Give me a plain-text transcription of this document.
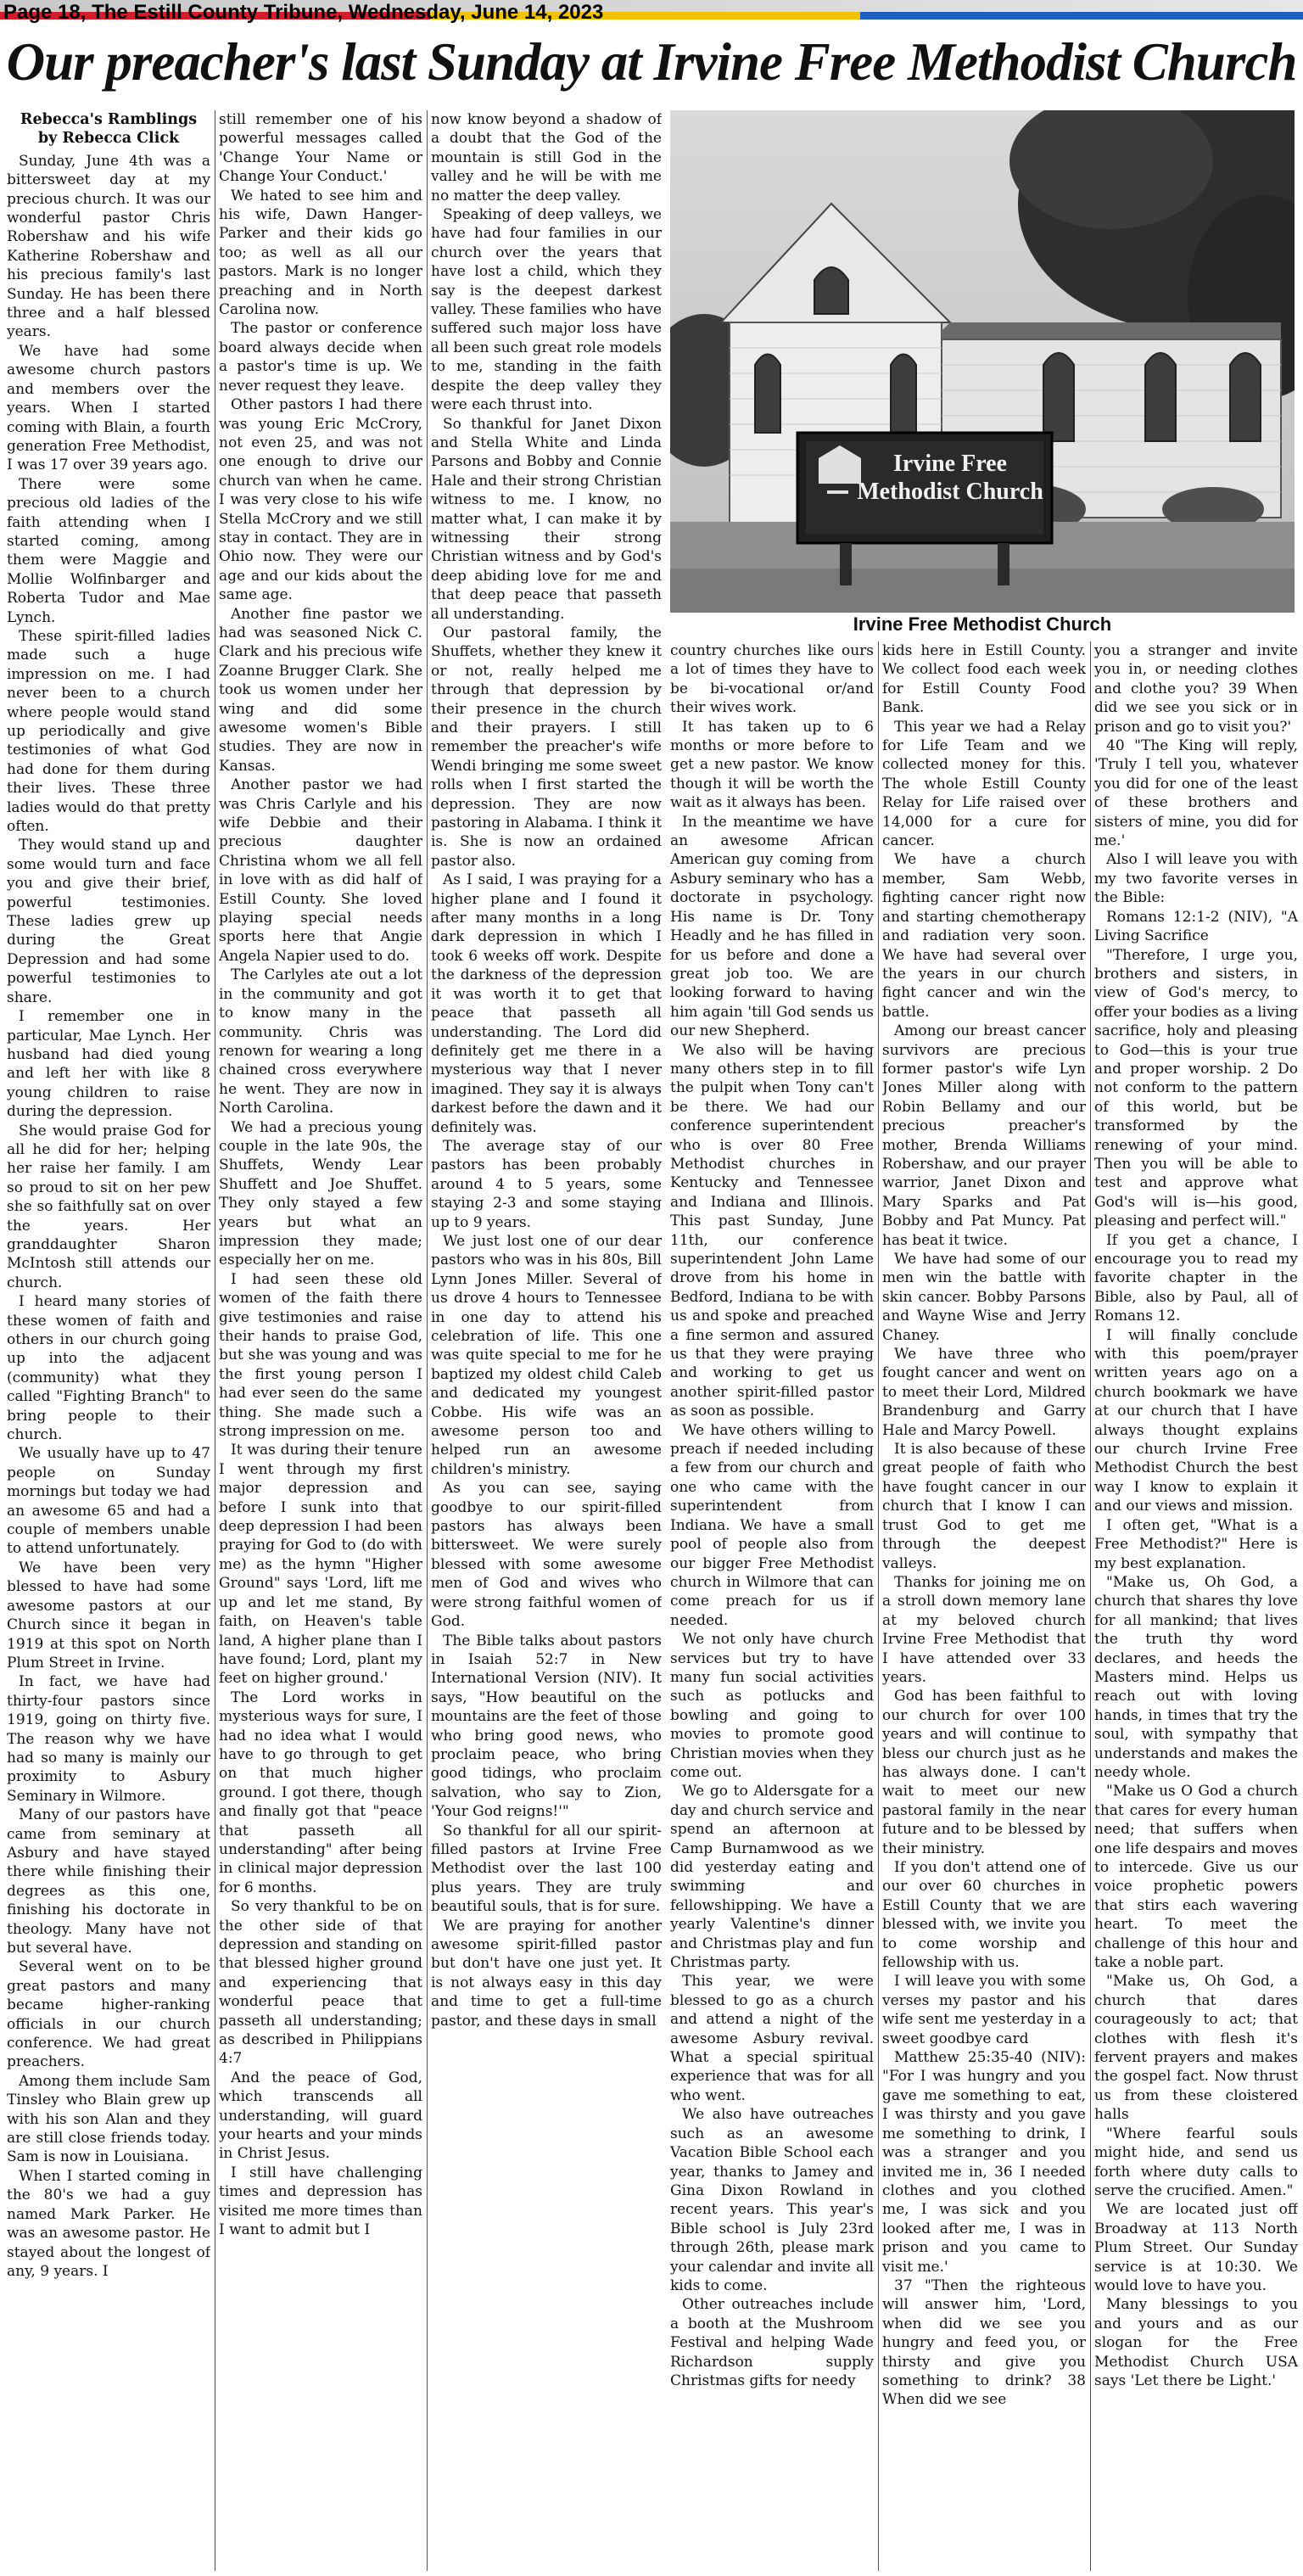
Page 18, The Estill County Tribune, Wednesday, June 14, 2023
Our preacher's last Sunday at Irvine Free Methodist Church

Rebecca's Ramblings

by Rebecca Click

Sunday, June 4th was a bittersweet day at my precious church. It was our wonderful pastor Chris Robershaw and his wife Katherine Robershaw and his precious family's last Sunday. He has been there three and a half blessed years.

We have had some awesome church pastors and members over the years. When I started coming with Blain, a fourth generation Free Methodist, I was 17 over 39 years ago.

There were some precious old ladies of the faith attending when I started coming, among them were Maggie and Mollie Wolfinbarger and Roberta Tudor and Mae Lynch.

These spirit-filled ladies made such a huge impression on me. I had never been to a church where people would stand up periodically and give testimonies of what God had done for them during their lives. These three ladies would do that pretty often.

They would stand up and some would turn and face you and give their brief, powerful testimonies. These ladies grew up during the Great Depression and had some powerful testimonies to share.

I remember one in particular, Mae Lynch. Her husband had died young and left her with like 8 young children to raise during the depression.

She would praise God for all he did for her; helping her raise her family. I am so proud to sit on her pew she so faithfully sat on over the years. Her granddaughter Sharon McIntosh still attends our church.

I heard many stories of these women of faith and others in our church going up into the adjacent (community) what they called "Fighting Branch" to bring people to their church.

We usually have up to 47 people on Sunday mornings but today we had an awesome 65 and had a couple of members unable to attend unfortunately.

We have been very blessed to have had some awesome pastors at our Church since it began in 1919 at this spot on North Plum Street in Irvine.

In fact, we have had thirty-four pastors since 1919, going on thirty five. The reason why we have had so many is mainly our proximity to Asbury Seminary in Wilmore.

Many of our pastors have came from seminary at Asbury and have stayed there while finishing their degrees as this one, finishing his doctorate in theology. Many have not but several have.

Several went on to be great pastors and many became higher-ranking officials in our church conference. We had great preachers.

Among them include Sam Tinsley who Blain grew up with his son Alan and they are still close friends today. Sam is now in Louisiana.

When I started coming in the 80's we had a guy named Mark Parker. He was an awesome pastor. He stayed about the longest of any, 9 years. I

still remember one of his powerful messages called 'Change Your Name or Change Your Conduct.'

We hated to see him and his wife, Dawn Hanger-Parker and their kids go too; as well as all our pastors. Mark is no longer preaching and in North Carolina now.

The pastor or conference board always decide when a pastor's time is up. We never request they leave.

Other pastors I had there was young Eric McCrory, not even 25, and was not one enough to drive our church van when he came. I was very close to his wife Stella McCrory and we still stay in contact. They are in Ohio now. They were our age and our kids about the same age.

Another fine pastor we had was seasoned Nick C. Clark and his precious wife Zoanne Brugger Clark. She took us women under her wing and did some awesome women's Bible studies. They are now in Kansas.

Another pastor we had was Chris Carlyle and his wife Debbie and their precious daughter Christina whom we all fell in love with as did half of Estill County. She loved playing special needs sports here that Angie Angela Napier used to do.

The Carlyles ate out a lot in the community and got to know many in the community. Chris was renown for wearing a long chained cross everywhere he went. They are now in North Carolina.

We had a precious young couple in the late 90s, the Shuffets, Wendy Lear Shuffett and Joe Shuffet. They only stayed a few years but what an impression they made; especially her on me.

I had seen these old women of the faith there give testimonies and raise their hands to praise God, but she was young and was the first young person I had ever seen do the same thing. She made such a strong impression on me.

It was during their tenure I went through my first major depression and before I sunk into that deep depression I had been praying for God to (do with me) as the hymn "Higher Ground" says 'Lord, lift me up and let me stand, By faith, on Heaven's table land, A higher plane than I have found; Lord, plant my feet on higher ground.'

The Lord works in mysterious ways for sure, I had no idea what I would have to go through to get on that much higher ground. I got there, though and finally got that "peace that passeth all understanding" after being in clinical major depression for 6 months.

So very thankful to be on the other side of that depression and standing on that blessed higher ground and experiencing that wonderful peace that passeth all understanding; as described in Philippians 4:7

And the peace of God, which transcends all understanding, will guard your hearts and your minds in Christ Jesus.

I still have challenging times and depression has visited me more times than I want to admit but I

now know beyond a shadow of a doubt that the God of the mountain is still God in the valley and he will be with me no matter the deep valley.

Speaking of deep valleys, we have had four families in our church over the years that have lost a child, which they say is the deepest darkest valley. These families who have suffered such major loss have all been such great role models to me, standing in the faith despite the deep valley they were each thrust into.

So thankful for Janet Dixon and Stella White and Linda Parsons and Bobby and Connie Hale and their strong Christian witness to me. I know, no matter what, I can make it by witnessing their strong Christian witness and by God's deep abiding love for me and that deep peace that passeth all understanding.

Our pastoral family, the Shuffets, whether they knew it or not, really helped me through that depression by their presence in the church and their prayers. I still remember the preacher's wife Wendi bringing me some sweet rolls when I first started the depression. They are now pastoring in Alabama. I think it is. She is now an ordained pastor also.

As I said, I was praying for a higher plane and I found it after many months in a long dark depression in which I took 6 weeks off work. Despite the darkness of the depression it was worth it to get that peace that passeth all understanding. The Lord did definitely get me there in a mysterious way that I never imagined. They say it is always darkest before the dawn and it definitely was.

The average stay of our pastors has been probably around 4 to 5 years, some staying 2-3 and some staying up to 9 years.

We just lost one of our dear pastors who was in his 80s, Bill Lynn Jones Miller. Several of us drove 4 hours to Tennessee in one day to attend his celebration of life. This one was quite special to me for he baptized my oldest child Caleb and dedicated my youngest Cobbe. His wife was an awesome person too and helped run an awesome children's ministry.

As you can see, saying goodbye to our spirit-filled pastors has always been bittersweet. We were surely blessed with some awesome men of God and wives who were strong faithful women of God.

The Bible talks about pastors in Isaiah 52:7 in New International Version (NIV). It says, "How beautiful on the mountains are the feet of those who bring good news, who proclaim peace, who bring good tidings, who proclaim salvation, who say to Zion, 'Your God reigns!'"

So thankful for all our spirit-filled pastors at Irvine Free Methodist over the last 100 plus years. They are truly beautiful souls, that is for sure.

We are praying for another awesome spirit-filled pastor but don't have one just yet. It is not always easy in this day and time to get a full-time pastor, and these days in small

Irvine Free
Methodist Church
Irvine Free Methodist Church

country churches like ours a lot of times they have to be bi-vocational or/and their wives work.

It has taken up to 6 months or more before to get a new pastor. We know though it will be worth the wait as it always has been.

In the meantime we have an awesome African American guy coming from Asbury seminary who has a doctorate in psychology. His name is Dr. Tony Headly and he has filled in for us before and done a great job too. We are looking forward to having him again 'till God sends us our new Shepherd.

We also will be having many others step in to fill the pulpit when Tony can't be there. We had our conference superintendent who is over 80 Free Methodist churches in Kentucky and Tennessee and Indiana and Illinois. This past Sunday, June 11th, our conference superintendent John Lame drove from his home in Bedford, Indiana to be with us and spoke and preached a fine sermon and assured us that they were praying and working to get us another spirit-filled pastor as soon as possible.

We have others willing to preach if needed including a few from our church and one who came with the superintendent from Indiana. We have a small pool of people also from our bigger Free Methodist church in Wilmore that can come preach for us if needed.

We not only have church services but try to have many fun social activities such as potlucks and bowling and going to movies to promote good Christian movies when they come out.

We go to Aldersgate for a day and church service and spend an afternoon at Camp Burnamwood as we did yesterday eating and swimming and fellowshipping. We have a yearly Valentine's dinner and Christmas play and fun Christmas party.

This year, we were blessed to go as a church and attend a night of the awesome Asbury revival. What a special spiritual experience that was for all who went.

We also have outreaches such as an awesome Vacation Bible School each year, thanks to Jamey and Gina Dixon Rowland in recent years. This year's Bible school is July 23rd through 26th, please mark your calendar and invite all kids to come.

Other outreaches include a booth at the Mushroom Festival and helping Wade Richardson supply Christmas gifts for needy

kids here in Estill County. We collect food each week for Estill County Food Bank.

This year we had a Relay for Life Team and we collected money for this. The whole Estill County Relay for Life raised over 14,000 for a cure for cancer.

We have a church member, Sam Webb, fighting cancer right now and starting chemotherapy and radiation very soon. We have had several over the years in our church fight cancer and win the battle.

Among our breast cancer survivors are precious former pastor's wife Lyn Jones Miller along with Robin Bellamy and our precious preacher's mother, Brenda Williams Robershaw, and our prayer warrior, Janet Dixon and Mary Sparks and Pat Bobby and Pat Muncy. Pat has beat it twice.

We have had some of our men win the battle with skin cancer. Bobby Parsons and Wayne Wise and Jerry Chaney.

We have three who fought cancer and went on to meet their Lord, Mildred Brandenburg and Garry Hale and Marcy Powell.

It is also because of these great people of faith who have fought cancer in our church that I know I can trust God to get me through the deepest valleys.

Thanks for joining me on a stroll down memory lane at my beloved church Irvine Free Methodist that I have attended over 33 years.

God has been faithful to our church for over 100 years and will continue to bless our church just as he has always done. I can't wait to meet our new pastoral family in the near future and to be blessed by their ministry.

If you don't attend one of our over 60 churches in Estill County that we are blessed with, we invite you to come worship and fellowship with us.

I will leave you with some verses my pastor and his wife sent me yesterday in a sweet goodbye card

Matthew 25:35-40 (NIV): "For I was hungry and you gave me something to eat, I was thirsty and you gave me something to drink, I was a stranger and you invited me in, 36 I needed clothes and you clothed me, I was sick and you looked after me, I was in prison and you came to visit me.'

37 "Then the righteous will answer him, 'Lord, when did we see you hungry and feed you, or thirsty and give you something to drink? 38 When did we see

you a stranger and invite you in, or needing clothes and clothe you? 39 When did we see you sick or in prison and go to visit you?'

40 "The King will reply, 'Truly I tell you, whatever you did for one of the least of these brothers and sisters of mine, you did for me.'

Also I will leave you with my two favorite verses in the Bible:

Romans 12:1-2 (NIV), "A Living Sacrifice

"Therefore, I urge you, brothers and sisters, in view of God's mercy, to offer your bodies as a living sacrifice, holy and pleasing to God—this is your true and proper worship. 2 Do not conform to the pattern of this world, but be transformed by the renewing of your mind. Then you will be able to test and approve what God's will is—his good, pleasing and perfect will."

If you get a chance, I encourage you to read my favorite chapter in the Bible, also by Paul, all of Romans 12.

I will finally conclude with this poem/prayer written years ago on a church bookmark we have at our church that I have always thought explains our church Irvine Free Methodist Church the best way I know to explain it and our views and mission.

I often get, "What is a Free Methodist?" Here is my best explanation.

"Make us, Oh God, a church that shares thy love for all mankind; that lives the truth thy word declares, and heeds the Masters mind. Helps us reach out with loving hands, in times that try the soul, with sympathy that understands and makes the needy whole.

"Make us O God a church that cares for every human need; that suffers when one life despairs and moves to intercede. Give us our voice prophetic powers that stirs each wavering heart. To meet the challenge of this hour and take a noble part.

"Make us, Oh God, a church that dares courageously to act; that clothes with flesh it's fervent prayers and makes the gospel fact. Now thrust us from these cloistered halls

"Where fearful souls might hide, and send us forth where duty calls to serve the crucified. Amen."

We are located just off Broadway at 113 North Plum Street. Our Sunday service is at 10:30. We would love to have you.

Many blessings to you and yours and as our slogan for the Free Methodist Church USA says 'Let there be Light.'
